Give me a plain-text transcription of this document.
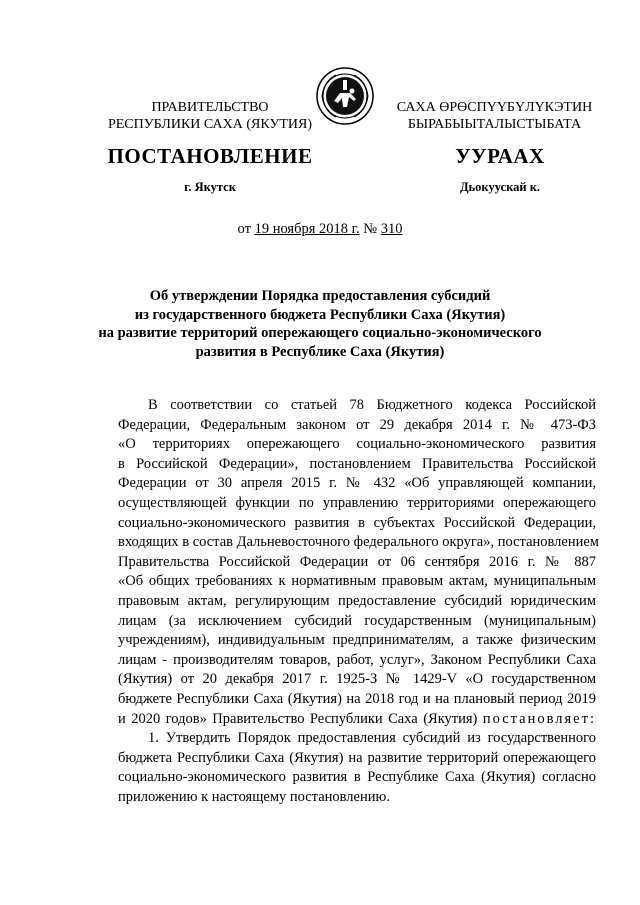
ПРАВИТЕЛЬСТВО
РЕСПУБЛИКИ САХА (ЯКУТИЯ)
САХА ӨРӨСПҮҮБҮЛҮКЭТИН
БЫРАБЫЫТАЛЫСТЫБАТА
ПОСТАНОВЛЕНИЕ	УУРААХ
г. Якутск	Дьокуускай к.
от 19 ноября 2018 г. № 310
Об утверждении Порядка предоставления субсидий
из государственного бюджета Республики Саха (Якутия)
на развитие территорий опережающего социально-экономического
развития в Республике Саха (Якутия)
В соответствии со статьей 78 Бюджетного кодекса Российской
Федерации, Федеральным законом от 29 декабря 2014 г. № 473-ФЗ
«О территориях опережающего социально-экономического развития
в Российской Федерации», постановлением Правительства Российской
Федерации от 30 апреля 2015 г. № 432 «Об управляющей компании,
осуществляющей функции по управлению территориями опережающего
социально-экономического развития в субъектах Российской Федерации,
входящих в состав Дальневосточного федерального округа», постановлением
Правительства Российской Федерации от 06 сентября 2016 г. № 887
«Об общих требованиях к нормативным правовым актам, муниципальным
правовым актам, регулирующим предоставление субсидий юридическим
лицам (за исключением субсидий государственным (муниципальным)
учреждениям), индивидуальным предпринимателям, а также физическим
лицам - производителям товаров, работ, услуг», Законом Республики Саха
(Якутия) от 20 декабря 2017 г. 1925-З № 1429-V «О государственном
бюджете Республики Саха (Якутия) на 2018 год и на плановый период 2019
и 2020 годов» Правительство Республики Саха (Якутия) постановляет:
1. Утвердить Порядок предоставления субсидий из государственного
бюджета Республики Саха (Якутия) на развитие территорий опережающего
социально-экономического развития в Республике Саха (Якутия) согласно
приложению к настоящему постановлению.
